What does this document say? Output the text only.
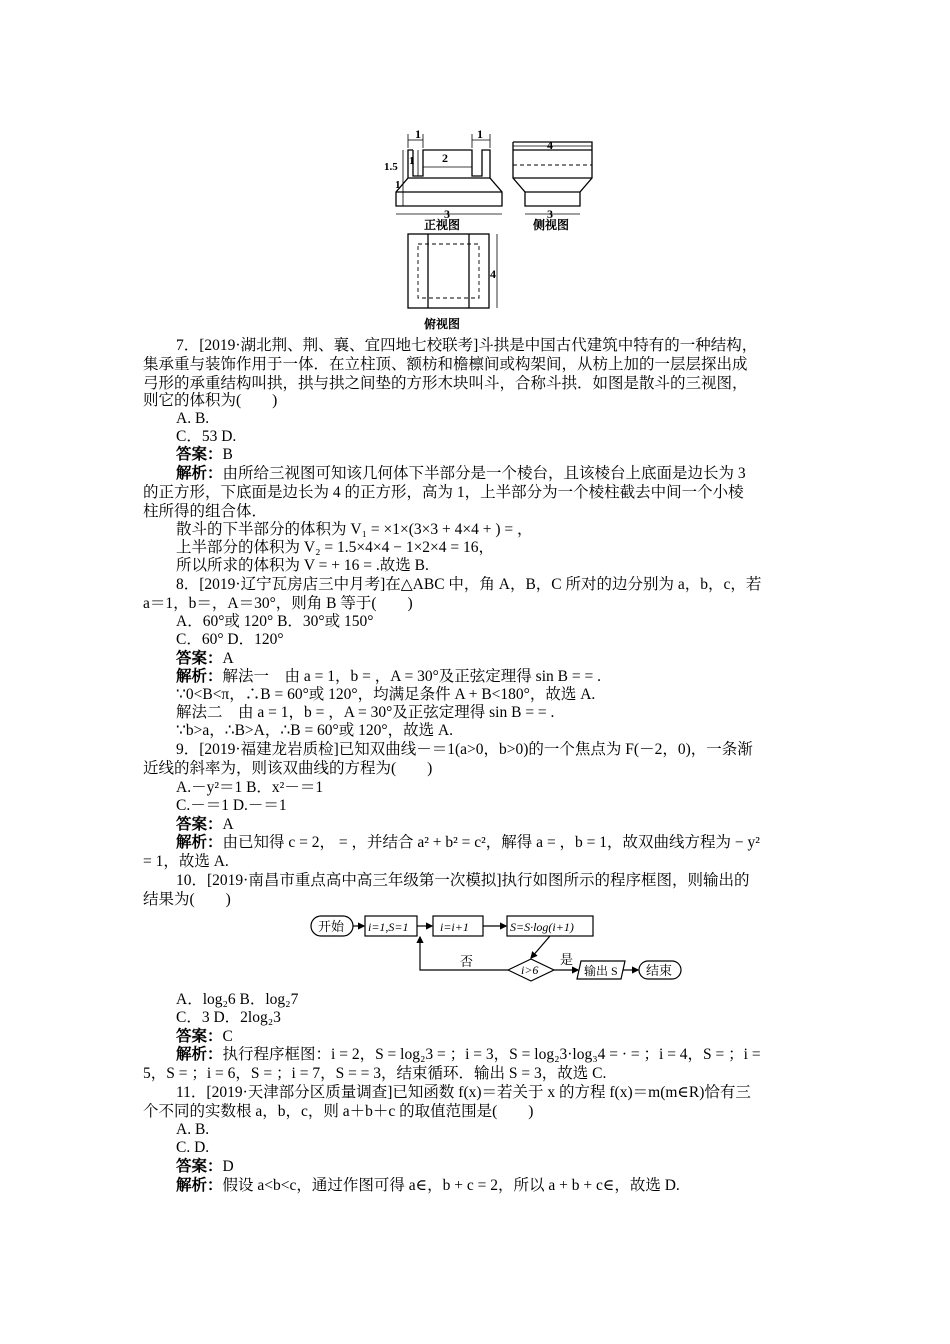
1	1
1
1
1.5
2
3
正视图
4
3
侧视图
4
俯视图
7．[2019·湖北荆、荆、襄、宜四地七校联考]斗拱是中国古代建筑中特有的一种结构，
集承重与装饰作用于一体．在立柱顶、额枋和檐檩间或构架间，从枋上加的一层层探出成
弓形的承重结构叫拱，拱与拱之间垫的方形木块叫斗，合称斗拱．如图是散斗的三视图，
则它的体积为(　　)
A. B.
C．53 D.
答案：B
解析：由所给三视图可知该几何体下半部分是一个棱台，且该棱台上底面是边长为 3
的正方形，下底面是边长为 4 的正方形，高为 1，上半部分为一个棱柱截去中间一个小棱
柱所得的组合体．
散斗的下半部分的体积为 V₁ = ×1×(3×3 + 4×4 + ) = ，
上半部分的体积为 V₂ = 1.5×4×4 − 1×2×4 = 16，
所以所求的体积为 V = + 16 = .故选 B.
8．[2019·辽宁瓦房店三中月考]在△ABC 中，角 A，B，C 所对的边分别为 a，b，c，若
a＝1，b＝，A＝30°，则角 B 等于(　　)
A．60°或 120° B．30°或 150°
C．60° D．120°
答案：A
解析：解法一　由 a = 1，b = ，A = 30°及正弦定理得 sin B = = .
∵0<B<π，∴B = 60°或 120°，均满足条件 A + B<180°，故选 A.
解法二　由 a = 1，b = ，A = 30°及正弦定理得 sin B = = .
∵b>a，∴B>A，∴B = 60°或 120°，故选 A.
9．[2019·福建龙岩质检]已知双曲线－＝1(a>0，b>0)的一个焦点为 F(－2，0)，一条渐
近线的斜率为，则该双曲线的方程为(　　)
A.－y²＝1 B．x²－＝1
C.－＝1 D.－＝1
答案：A
解析：由已知得 c = 2， = ，并结合 a² + b² = c²，解得 a = ，b = 1，故双曲线方程为 − y²
= 1，故选 A.
10．[2019·南昌市重点高中高三年级第一次模拟]执行如图所示的程序框图，则输出的
结果为(　　)
开始 i=1,S=1	i=i+1	S=S·log(i+1)
否
i>6
是
输出 S 结束
A．log₂6 B．log₂7
C．3 D．2log₂3
答案：C
解析：执行程序框图：i = 2，S = log₂3 = ；i = 3，S = log₂3·log₃4 = · = ；i = 4，S = ；i =
5，S = ；i = 6，S = ；i = 7，S = = 3，结束循环．输出 S = 3，故选 C.
11．[2019·天津部分区质量调查]已知函数 f(x)＝若关于 x 的方程 f(x)＝m(m∈R)恰有三
个不同的实数根 a，b，c，则 a＋b＋c 的取值范围是(　　)
A. B.
C. D.
答案：D
解析：假设 a<b<c，通过作图可得 a∈，b + c = 2，所以 a + b + c∈，故选 D.
